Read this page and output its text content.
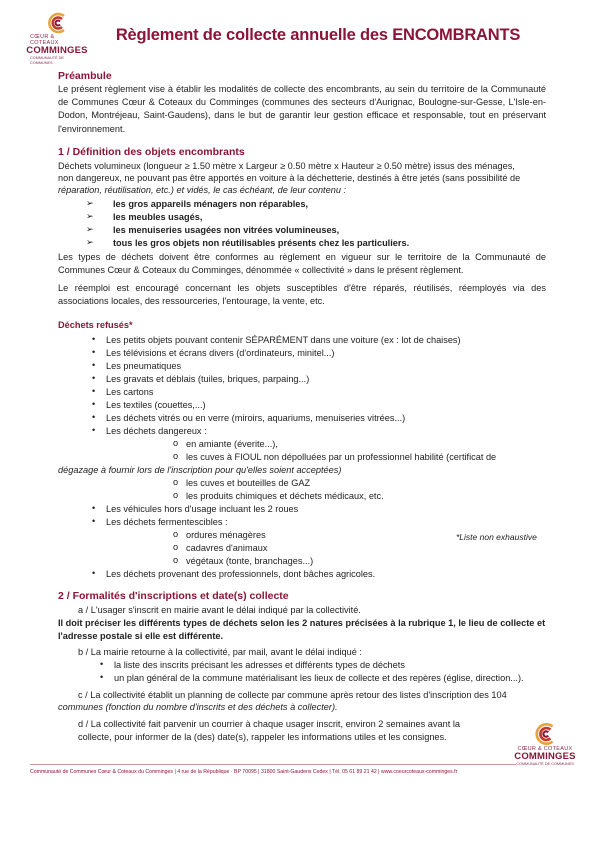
CŒUR & COTEAUX
COMMINGES
COMMUNAUTÉ DE COMMUNES
Règlement de collecte annuelle des ENCOMBRANTS
Préambule
Le présent règlement vise à établir les modalités de collecte des encombrants, au sein du territoire de la Communauté de Communes Cœur & Coteaux du Comminges (communes des secteurs d'Aurignac, Boulogne-sur-Gesse, L'Isle-en-Dodon, Montréjeau, Saint-Gaudens), dans le but de garantir leur gestion efficace et responsable, tout en préservant l'environnement.
1 / Définition des objets encombrants
Déchets volumineux (longueur ≥ 1.50 mètre x Largeur ≥ 0.50 mètre x Hauteur ≥ 0.50 mètre) issus des ménages,
non dangereux, ne pouvant pas être apportés en voiture à la déchetterie, destinés à être jetés (sans possibilité de
réparation, réutilisation, etc.) et vidés, le cas échéant, de leur contenu :
➢ les gros appareils ménagers non réparables,
➢ les meubles usagés,
➢ les menuiseries usagées non vitrées volumineuses,
➢ tous les gros objets non réutilisables présents chez les particuliers.
Les types de déchets doivent être conformes au règlement en vigueur sur le territoire de la Communauté de Communes Cœur & Coteaux du Comminges, dénommée « collectivité » dans le présent règlement.
Le réemploi est encouragé concernant les objets susceptibles d'être réparés, réutilisés, réemployés via des associations locales, des ressourceries, l'entourage, la vente, etc.
Déchets refusés*
• Les petits objets pouvant contenir SÉPARÉMENT dans une voiture (ex : lot de chaises)
• Les télévisions et écrans divers (d'ordinateurs, minitel...)
• Les pneumatiques
• Les gravats et déblais (tuiles, briques, parpaing...)
• Les cartons
• Les textiles (couettes,...)
• Les déchets vitrés ou en verre (miroirs, aquariums, menuiseries vitrées...)
• Les déchets dangereux :
o en amiante (éverite...),
o les cuves à FIOUL non dépolluées par un professionnel habilité (certificat de
dégazage à fournir lors de l'inscription pour qu'elles soient acceptées)
o les cuves et bouteilles de GAZ
o les produits chimiques et déchets médicaux, etc.
• Les véhicules hors d'usage incluant les 2 roues
• Les déchets fermentescibles :
o ordures ménagères
o cadavres d'animaux
o végétaux (tonte, branchages...)
*Liste non exhaustive
• Les déchets provenant des professionnels, dont bâches agricoles.
2 / Formalités d'inscriptions et date(s) collecte
a / L'usager s'inscrit en mairie avant le délai indiqué par la collectivité.
Il doit préciser les différents types de déchets selon les 2 natures précisées à la rubrique 1, le lieu de collecte et
l'adresse postale si elle est différente.
b / La mairie retourne à la collectivité, par mail, avant le délai indiqué :
• la liste des inscrits précisant les adresses et différents types de déchets
• un plan général de la commune matérialisant les lieux de collecte et des repères (église, direction...).
c / La collectivité établit un planning de collecte par commune après retour des listes d'inscription des 104
communes (fonction du nombre d'inscrits et des déchets à collecter).
d / La collectivité fait parvenir un courrier à chaque usager inscrit, environ 2 semaines avant la
collecte, pour informer de la (des) date(s), rappeler les informations utiles et les consignes.
CŒUR & COTEAUX
COMMINGES
COMMUNAUTÉ DE COMMUNES
Communauté de Communes Cœur & Coteaux du Comminges | 4 rue de la République · BP 70095 | 31800 Saint-Gaudens Cedex | Tél. 05 61 89 21 42 | www.coeurcoteaux-comminges.fr
